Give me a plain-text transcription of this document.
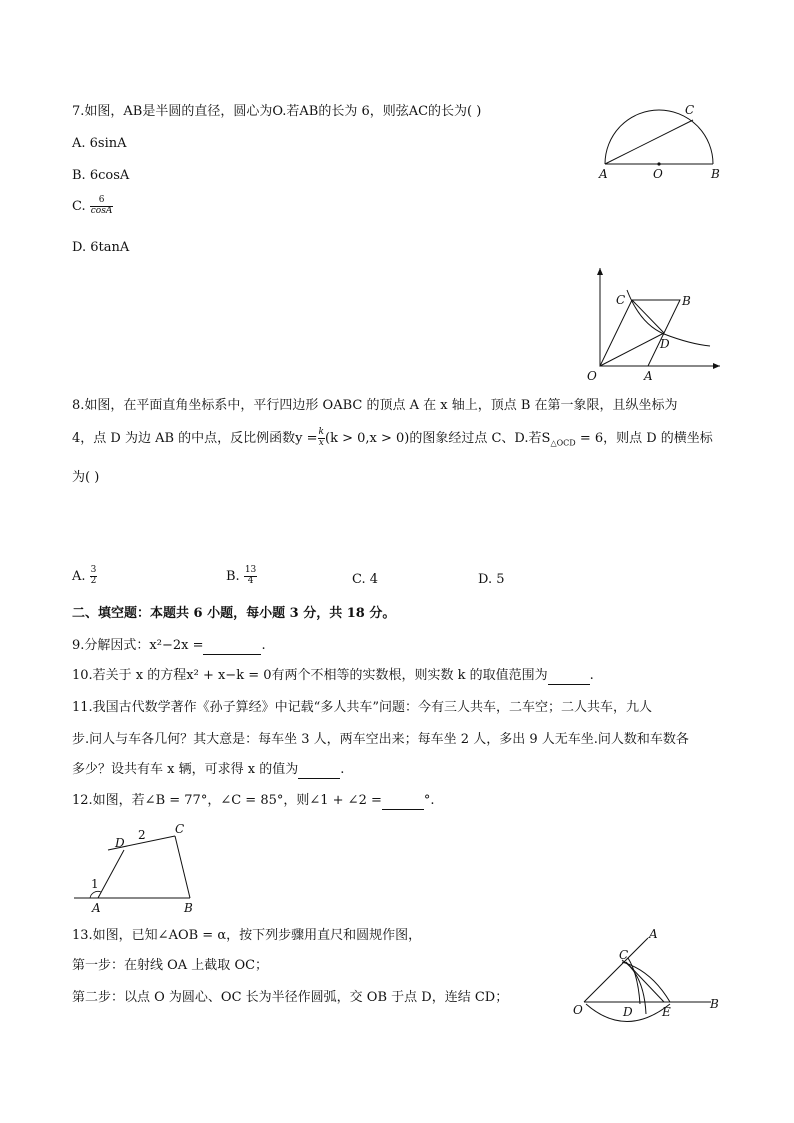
7.如图，AB是半圆的直径，圆心为O.若AB的长为 6，则弦AC的长为( )
A. 6sinA
B. 6cosA
C. $\frac{6}{\cos A}$
D. 6tanA
C
A	O	B
C	B
D
O	A
8.如图，在平面直角坐标系中，平行四边形 OABC 的顶点 A 在 x 轴上，顶点 B 在第一象限，且纵坐标为
4，点 D 为边 AB 的中点，反比例函数$y = \frac{k}{x} (k > 0,x > 0)$的图象经过点 C、D.若$S_{\triangle OCD} = 6$，则点 D 的横坐标
为( )
A. $\frac{3}{2}$	B. $\frac{13}{4}$	C. 4	D. 5
二、填空题：本题共 6 小题，每小题 3 分，共 18 分。
9.分解因式：x²−2x =	.
10.若关于 x 的方程x² + x−k = 0有两个不相等的实数根，则实数 k 的取值范围为	.
11.我国古代数学著作《孙子算经》中记载“多人共车”问题：今有三人共车，二车空；二人共车，九人
步.问人与车各几何？其大意是：每车坐 3 人，两车空出来；每车坐 2 人，多出 9 人无车坐.问人数和车数各
多少？设共有车 x 辆，可求得 x 的值为	.
12.如图，若∠B = 77°，∠C = 85°，则∠1 + ∠2 =	°.
1
2
D
C
A	B
13.如图，已知∠AOB = α，按下列步骤用直尺和圆规作图，
第一步：在射线 OA 上截取 OC；
第二步：以点 O 为圆心、OC 长为半径作圆弧，交 OB 于点 D，连结 CD；
A
C
O	D E
B
